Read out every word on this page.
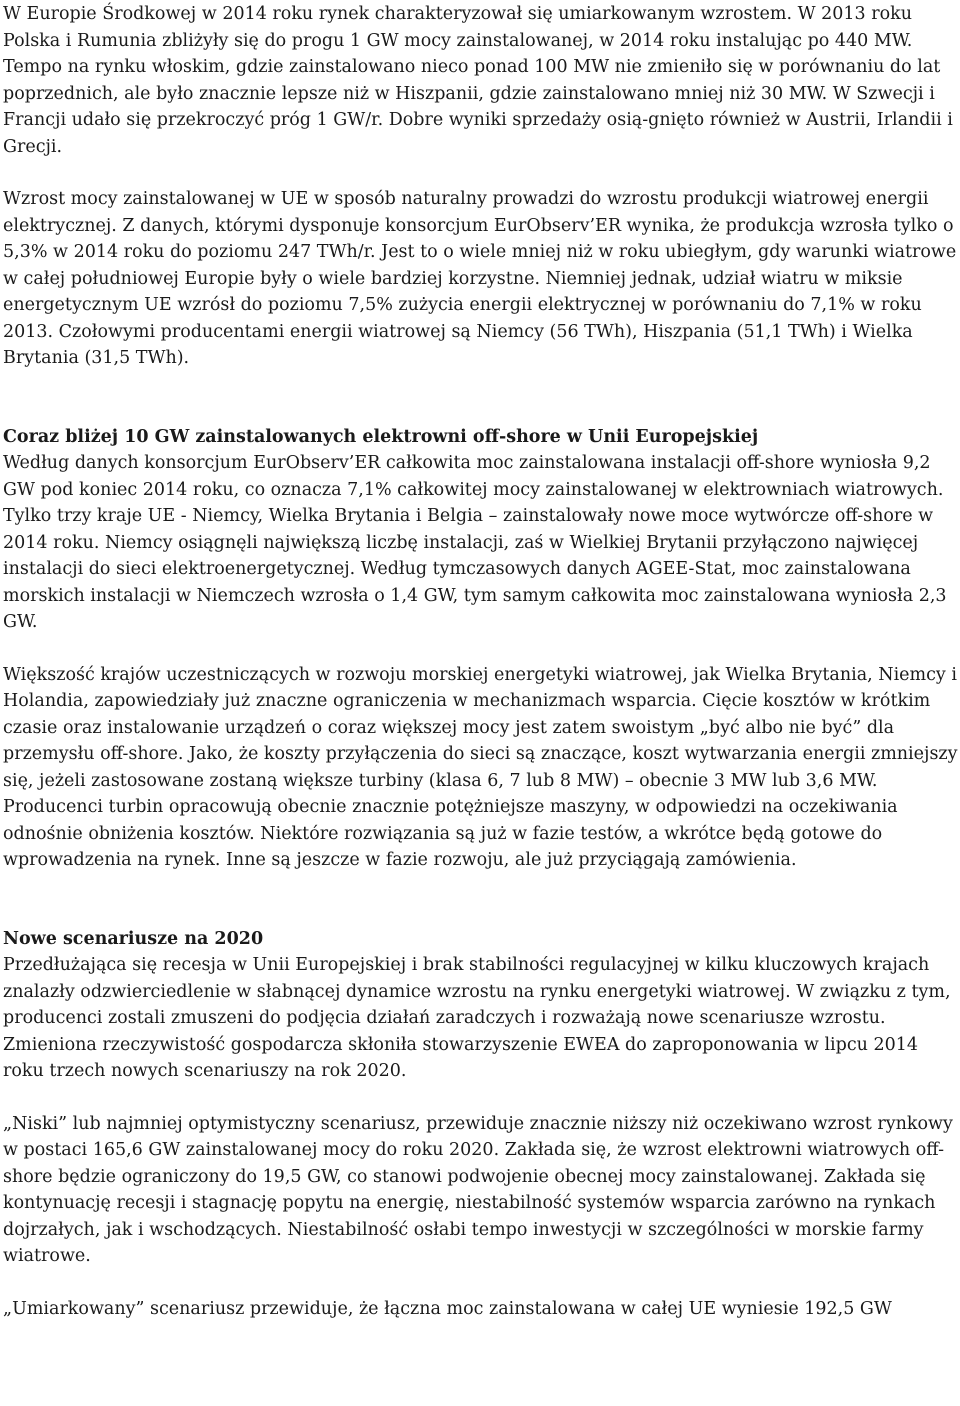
W Europie Środkowej w 2014 roku rynek charakteryzował się umiarkowanym wzrostem. W 2013 roku Polska i Rumunia zbliżyły się do progu 1 GW mocy zainstalowanej, w 2014 roku instalując po 440 MW. Tempo na rynku włoskim, gdzie zainstalowano nieco ponad 100 MW nie zmieniło się w porównaniu do lat poprzednich, ale było znacznie lepsze niż w Hiszpanii, gdzie zainstalowano mniej niż 30 MW. W Szwecji i Francji udało się przekroczyć próg 1 GW/r. Dobre wyniki sprzedaży osią-gnięto również w Austrii, Irlandii i Grecji.

Wzrost mocy zainstalowanej w UE w sposób naturalny prowadzi do wzrostu produkcji wiatrowej energii elektrycznej. Z danych, którymi dysponuje konsorcjum EurObserv’ER wynika, że produkcja wzrosła tylko o 5,3% w 2014 roku do poziomu 247 TWh/r. Jest to o wiele mniej niż w roku ubiegłym, gdy warunki wiatrowe w całej południowej Europie były o wiele bardziej korzystne. Niemniej jednak, udział wiatru w miksie energetycznym UE wzrósł do poziomu 7,5% zużycia energii elektrycznej w porównaniu do 7,1% w roku 2013. Czołowymi producentami energii wiatrowej są Niemcy (56 TWh), Hiszpania (51,1 TWh) i Wielka Brytania (31,5 TWh).

Coraz bliżej 10 GW zainstalowanych elektrowni off-shore w Unii Europejskiej

Według danych konsorcjum EurObserv’ER całkowita moc zainstalowana instalacji off-shore wyniosła 9,2 GW pod koniec 2014 roku, co oznacza 7,1% całkowitej mocy zainstalowanej w elektrowniach wiatrowych. Tylko trzy kraje UE - Niemcy, Wielka Brytania i Belgia – zainstalowały nowe moce wytwórcze off-shore w 2014 roku. Niemcy osiągnęli największą liczbę instalacji, zaś w Wielkiej Brytanii przyłączono najwięcej instalacji do sieci elektroenergetycznej. Według tymczasowych danych AGEE-Stat, moc zainstalowana morskich instalacji w Niemczech wzrosła o 1,4 GW, tym samym całkowita moc zainstalowana wyniosła 2,3 GW.

Większość krajów uczestniczących w rozwoju morskiej energetyki wiatrowej, jak Wielka Brytania, Niemcy i Holandia, zapowiedziały już znaczne ograniczenia w mechanizmach wsparcia. Cięcie kosztów w krótkim czasie oraz instalowanie urządzeń o coraz większej mocy jest zatem swoistym „być albo nie być” dla przemysłu off-shore. Jako, że koszty przyłączenia do sieci są znaczące, koszt wytwarzania energii zmniejszy się, jeżeli zastosowane zostaną większe turbiny (klasa 6, 7 lub 8 MW) – obecnie 3 MW lub 3,6 MW. Producenci turbin opracowują obecnie znacznie potężniejsze maszyny, w odpowiedzi na oczekiwania odnośnie obniżenia kosztów. Niektóre rozwiązania są już w fazie testów, a wkrótce będą gotowe do wprowadzenia na rynek. Inne są jeszcze w fazie rozwoju, ale już przyciągają zamówienia.

Nowe scenariusze na 2020

Przedłużająca się recesja w Unii Europejskiej i brak stabilności regulacyjnej w kilku kluczowych krajach znalazły odzwierciedlenie w słabnącej dynamice wzrostu na rynku energetyki wiatrowej. W związku z tym, producenci zostali zmuszeni do podjęcia działań zaradczych i rozważają nowe scenariusze wzrostu. Zmieniona rzeczywistość gospodarcza skłoniła stowarzyszenie EWEA do zaproponowania w lipcu 2014 roku trzech nowych scenariuszy na rok 2020.

„Niski” lub najmniej optymistyczny scenariusz, przewiduje znacznie niższy niż oczekiwano wzrost rynkowy w postaci 165,6 GW zainstalowanej mocy do roku 2020. Zakłada się, że wzrost elektrowni wiatrowych off-shore będzie ograniczony do 19,5 GW, co stanowi podwojenie obecnej mocy zainstalowanej. Zakłada się kontynuację recesji i stagnację popytu na energię, niestabilność systemów wsparcia zarówno na rynkach dojrzałych, jak i wschodzących. Niestabilność osłabi tempo inwestycji w szczególności w morskie farmy wiatrowe.

„Umiarkowany” scenariusz przewiduje, że łączna moc zainstalowana w całej UE wyniesie 192,5 GW
